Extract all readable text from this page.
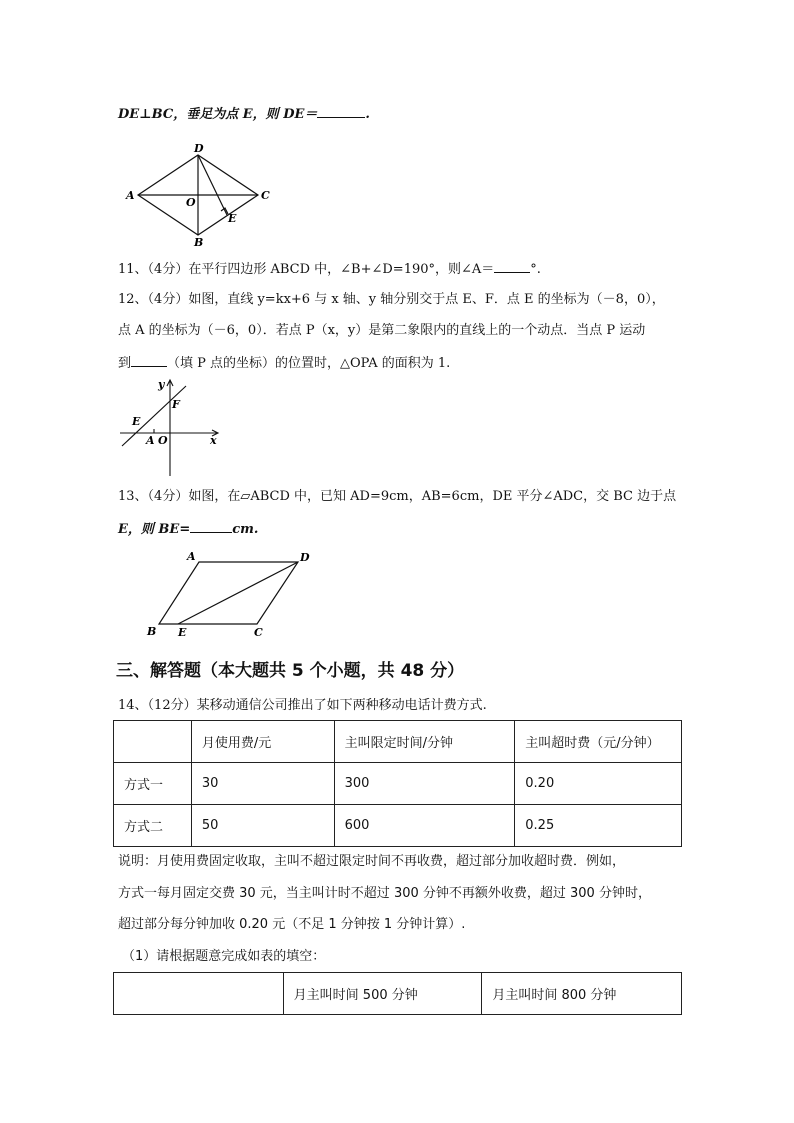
DE⊥BC，垂足为点 E，则 DE＝	.
D
A
O
C
E
B
11、（4分）在平行四边形 ABCD 中，∠B+∠D=190°，则∠A＝	°.
12、（4分）如图，直线 y=kx+6 与 x 轴、y 轴分别交于点 E、F．点 E 的坐标为（－8，0），
点 A 的坐标为（－6，0）．若点 P（x，y）是第二象限内的直线上的一个动点．当点 P 运动
到	（填 P 点的坐标）的位置时，△OPA 的面积为 1.
y
F
E
A O	x
13、（4分）如图，在▱ABCD 中，已知 AD=9cm，AB=6cm，DE 平分∠ADC，交 BC 边于点
E，则 BE=	cm.
A	D
B E	C
三、解答题（本大题共 5 个小题，共 48 分）
14、（12分）某移动通信公司推出了如下两种移动电话计费方式.
	月使用费/元	主叫限定时间/分钟	主叫超时费（元/分钟）
方式一	30	300	0.20
方式二	50	600	0.25
说明：月使用费固定收取，主叫不超过限定时间不再收费，超过部分加收超时费．例如，
方式一每月固定交费 30 元，当主叫计时不超过 300 分钟不再额外收费，超过 300 分钟时，
超过部分每分钟加收 0.20 元（不足 1 分钟按 1 分钟计算）.
（1）请根据题意完成如表的填空：
	月主叫时间 500 分钟	月主叫时间 800 分钟
